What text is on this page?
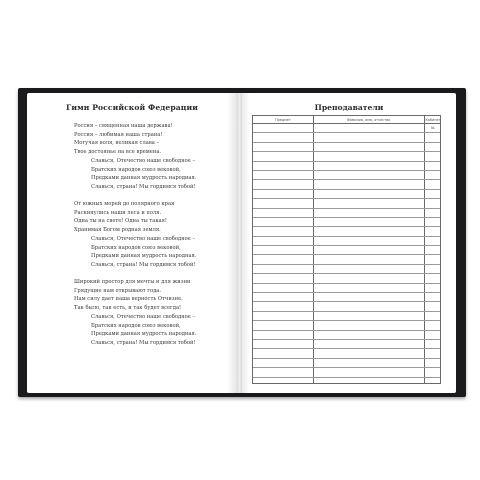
Гимн Российской Федерации
Россия – священная наша держава!
Россия – любимая наша страна!
Могучая воля, великая слава –
Твое достоянье на все времена.
Славься, Отечество наше свободное –
Братских народов союз вековой,
Предками данная мудрость народная.
Славься, страна! Мы гордимся тобой!
От южных морей до полярного края
Раскинулись наши леса и поля.
Одна ты на свете! Одна ты такая!
Хранимая Богом родная земля.
Славься, Отечество наше свободное –
Братских народов союз вековой,
Предками данная мудрость народная.
Славься, страна! Мы гордимся тобой!
Широкий простор для мечты и для жизни
Грядущие нам открывают года.
Нам силу дает наша верность Отчизне.
Так было, так есть, и так будет всегда!
Славься, Отечество наше свободное –
Братских народов союз вековой,
Предками данная мудрость народная.
Славься, страна! Мы гордимся тобой!
Преподаватели
Предмет	Фамилия, имя, отчество	Кабинет №
